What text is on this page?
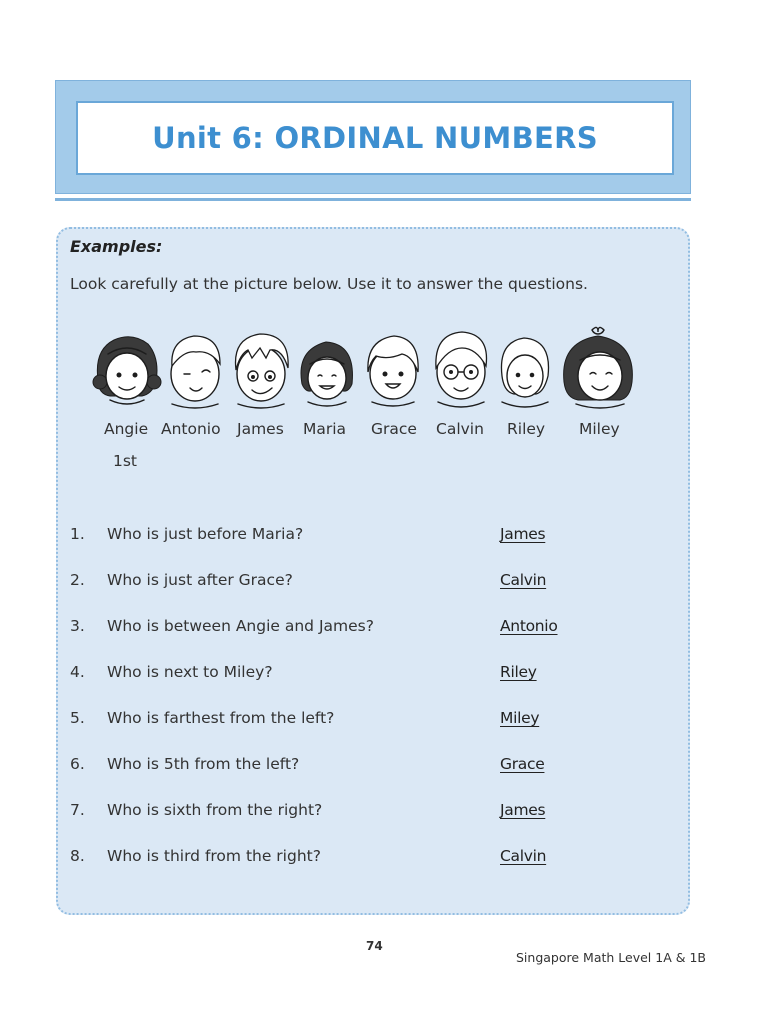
Unit 6: ORDINAL NUMBERS
Examples:
Look carefully at the picture below. Use it to answer the questions.
Angie Antonio James Maria Grace Calvin Riley Miley
1st
1. Who is just before Maria?	James
2. Who is just after Grace?	Calvin
3. Who is between Angie and James?	Antonio
4. Who is next to Miley?	Riley
5. Who is farthest from the left?	Miley
6. Who is 5th from the left?	Grace
7. Who is sixth from the right?	James
8. Who is third from the right?	Calvin
74
Singapore Math Level 1A & 1B
